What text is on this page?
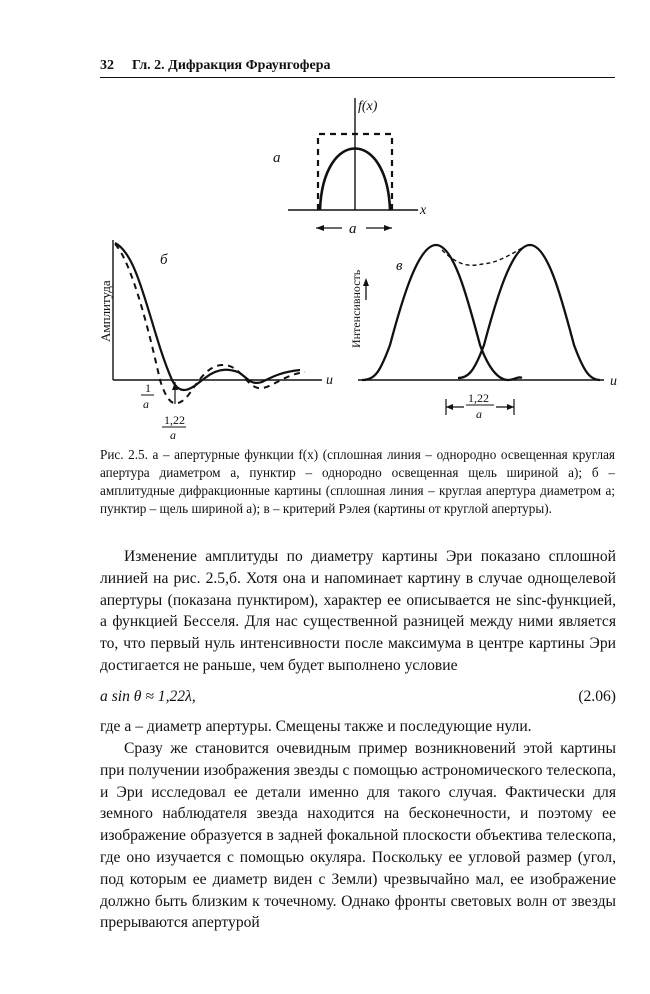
32 Гл. 2. Дифракция Фраунгофера
f(x)
x
а
a
Амплитуда
u
б
1
a
1,22
a
Интенсивность
в
u
1,22
a
Рис. 2.5. а – апертурные функции f(x) (сплошная линия – однородно освещенная круглая апертура диаметром а, пунктир – однородно освещенная щель шириной а); б – амплитудные дифракционные картины (сплошная линия – круглая апертура диаметром а; пунктир – щель шириной а); в – критерий Рэлея (картины от круглой апертуры).
Изменение амплитуды по диаметру картины Эри показано сплошной линией на рис. 2.5,б. Хотя она и напоминает картину в случае однощелевой апертуры (показана пунктиром), характер ее описывается не sinc-функцией, а функцией Бесселя. Для нас существенной разницей между ними является то, что первый нуль интенсивности после максимума в центре картины Эри достигается не раньше, чем будет выполнено условие
a sin θ ≈ 1,22λ,	(2.06)
где a – диаметр апертуры. Смещены также и последующие нули.
Сразу же становится очевидным пример возникновений этой картины при получении изображения звезды с помощью астрономического телескопа, и Эри исследовал ее детали именно для такого случая. Фактически для земного наблюдателя звезда находится на бесконечности, и поэтому ее изображение образуется в задней фокальной плоскости объектива телескопа, где оно изучается с помощью окуляра. Поскольку ее угловой размер (угол, под которым ее диаметр виден с Земли) чрезвычайно мал, ее изображение должно быть близким к точечному. Однако фронты световых волн от звезды прерываются апертурой
